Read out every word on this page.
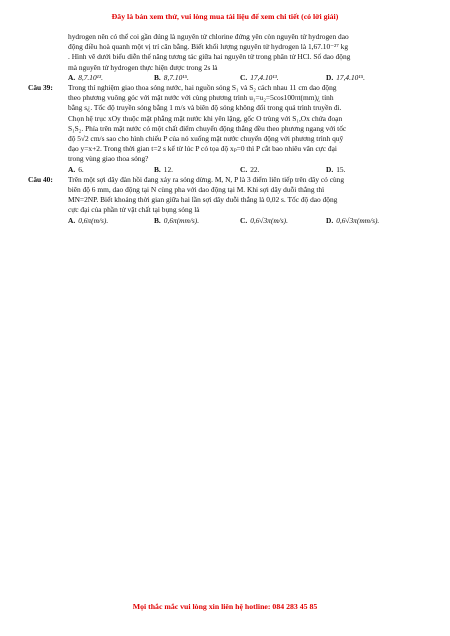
Đây là bản xem thử, vui lòng mua tài liệu để xem chi tiết (có lời giải)
hydrogen nên có thể coi gần đúng là nguyên tử chlorine đứng yên còn nguyên tử hydrogen dao
động điều hoà quanh một vị trí cân bằng. Biết khối lượng nguyên tử hydrogen là 1,67.10⁻²⁷ kg
. Hình vẽ dưới biểu diễn thế năng tương tác giữa hai nguyên tử trong phân tử HCl. Số dao động
mà nguyên tử hydrogen thực hiện được trong 2s là
A. 8,7.10¹³.	B. 8,7.10¹⁵.	C. 17,4.10¹³.	D. 17,4.10¹⁵.
Câu 39: Trong thí nghiệm giao thoa sóng nước, hai nguồn sóng S₁ và S₂ cách nhau 11 cm dao động
theo phương vuông góc với mặt nước với cùng phương trình u₁=u₂=5cos100πt(mm)¿ tính
bằng s¿. Tốc độ truyền sóng bằng 1 m/s và biên độ sóng không đổi trong quá trình truyền đi.
Chọn hệ trục xOy thuộc mặt phẳng mặt nước khi yên lặng, gốc O trùng với S₁,Ox chứa đoạn
S₁S₂. Phía trên mặt nước có một chất điểm chuyển động thẳng đều theo phương ngang với tốc
độ 5√2 cm/s sao cho hình chiếu P của nó xuống mặt nước chuyển động với phương trình quỹ
đạo y=x+2. Trong thời gian t=2 s kể từ lúc P có tọa độ xₚ=0 thì P cắt bao nhiêu vân cực đại
trong vùng giao thoa sóng?
A. 6.	B. 12.	C. 22.	D. 15.
Câu 40: Trên một sợi dây đàn hồi đang xảy ra sóng dừng. M, N, P là 3 điểm liên tiếp trên dây có cùng
biên độ 6 mm, dao động tại N cùng pha với dao động tại M. Khi sợi dây duỗi thẳng thì
MN=2NP. Biết khoảng thời gian giữa hai lần sợi dây duỗi thẳng là 0,02 s. Tốc độ dao động
cực đại của phần tử vật chất tại bụng sóng là
A. 0,6π(m/s).	B. 0,6π(mm/s).	C. 0,6√3π(m/s).	D. 0,6√3π(mm/s).
Mọi thắc mắc vui lòng xin liên hệ hotline: 084 283 45 85
